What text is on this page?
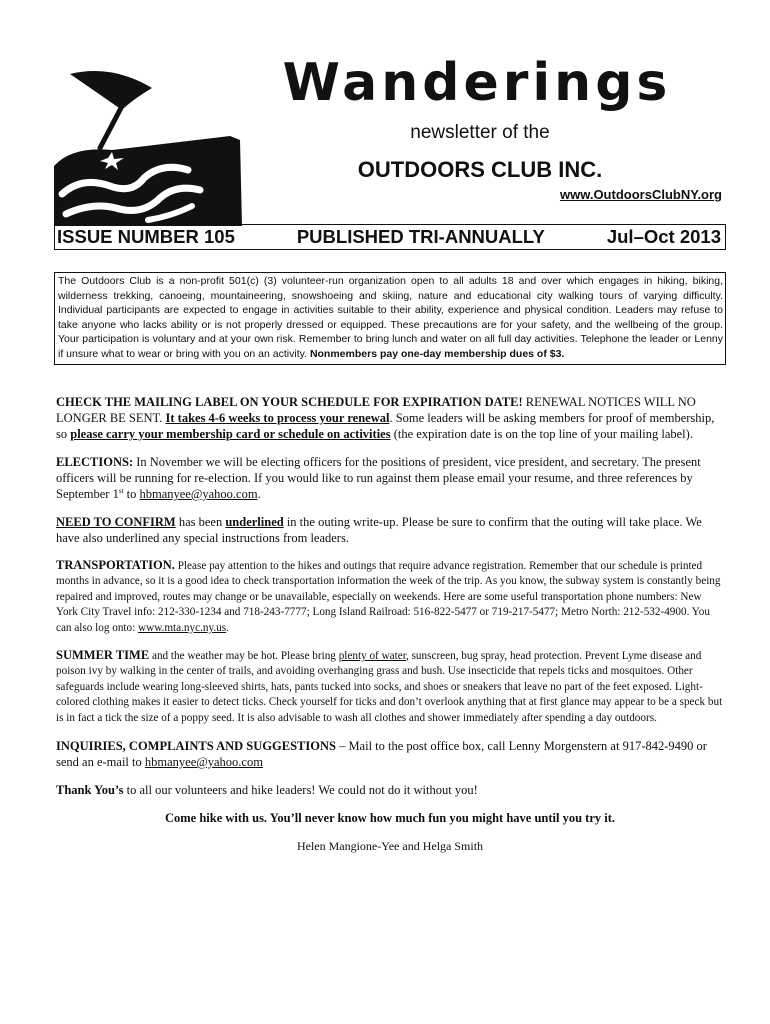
Wanderings
newsletter of the
OUTDOORS CLUB INC.
www.OutdoorsClubNY.org
ISSUE NUMBER 105	PUBLISHED TRI-ANNUALLY	Jul–Oct 2013
The Outdoors Club is a non-profit 501(c) (3) volunteer-run organization open to all adults 18 and over which engages in hiking, biking, wilderness trekking, canoeing, mountaineering, snowshoeing and skiing, nature and educational city walking tours of varying difficulty. Individual participants are expected to engage in activities suitable to their ability, experience and physical condition. Leaders may refuse to take anyone who lacks ability or is not properly dressed or equipped. These precautions are for your safety, and the wellbeing of the group. Your participation is voluntary and at your own risk. Remember to bring lunch and water on all full day activities. Telephone the leader or Lenny if unsure what to wear or bring with you on an activity. Nonmembers pay one-day membership dues of $3.

CHECK THE MAILING LABEL ON YOUR SCHEDULE FOR EXPIRATION DATE! RENEWAL NOTICES WILL NO LONGER BE SENT. It takes 4-6 weeks to process your renewal. Some leaders will be asking members for proof of membership, so please carry your membership card or schedule on activities (the expiration date is on the top line of your mailing label).

ELECTIONS: In November we will be electing officers for the positions of president, vice president, and secretary. The present officers will be running for re-election. If you would like to run against them please email your resume, and three references by September 1st to hbmanyee@yahoo.com.

NEED TO CONFIRM has been underlined in the outing write-up. Please be sure to confirm that the outing will take place. We have also underlined any special instructions from leaders.

TRANSPORTATION. Please pay attention to the hikes and outings that require advance registration. Remember that our schedule is printed months in advance, so it is a good idea to check transportation information the week of the trip. As you know, the subway system is constantly being repaired and improved, routes may change or be unavailable, especially on weekends. Here are some useful transportation phone numbers: New York City Travel info: 212-330-1234 and 718-243-7777; Long Island Railroad: 516-822-5477 or 719-217-5477; Metro North: 212-532-4900. You can also log onto: www.mta.nyc.ny.us.

SUMMER TIME and the weather may be hot. Please bring plenty of water, sunscreen, bug spray, head protection. Prevent Lyme disease and poison ivy by walking in the center of trails, and avoiding overhanging grass and bush. Use insecticide that repels ticks and mosquitoes. Other safeguards include wearing long-sleeved shirts, hats, pants tucked into socks, and shoes or sneakers that leave no part of the feet exposed. Light-colored clothing makes it easier to detect ticks. Check yourself for ticks and don’t overlook anything that at first glance may appear to be a speck but is in fact a tick the size of a poppy seed. It is also advisable to wash all clothes and shower immediately after spending a day outdoors.

INQUIRIES, COMPLAINTS AND SUGGESTIONS – Mail to the post office box, call Lenny Morgenstern at 917-842-9490 or send an e-mail to hbmanyee@yahoo.com

Thank You’s to all our volunteers and hike leaders! We could not do it without you!

Come hike with us. You’ll never know how much fun you might have until you try it.

Helen Mangione-Yee and Helga Smith
